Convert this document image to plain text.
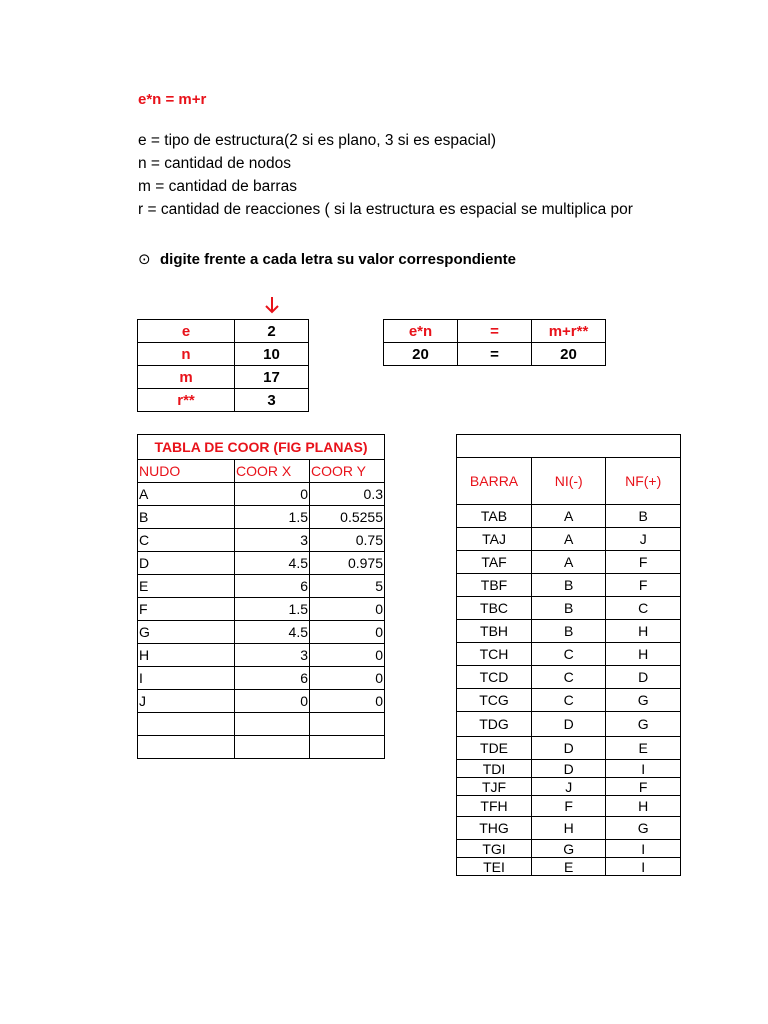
e*n = m+r
e = tipo de estructura(2 si es plano, 3 si es espacial)
n = cantidad de nodos
m = cantidad de barras
r = cantidad de reacciones ( si la estructura es espacial se multiplica por
⊙ digite frente a cada letra su valor correspondiente
e	2
n	10
m	17
r**	3
e*n	=	m+r**
20	=	20
TABLA DE COOR (FIG PLANAS)		
NUDO	COOR X	COOR Y
A	0	0.3
B	1.5	0.5255
C	3	0.75
D	4.5	0.975
E	6	5
F	1.5	0
G	4.5	0
H	3	0
I	6	0
J	0	0

BARRA	NI(-)	NF(+)
TAB	A	B
TAJ	A	J
TAF	A	F
TBF	B	F
TBC	B	C
TBH	B	H
TCH	C	H
TCD	C	D
TCG	C	G
TDG	D	G
TDE	D	E
TDI	D	I
TJF	J	F
TFH	F	H
THG	H	G
TGI	G	I
TEI	E	I
